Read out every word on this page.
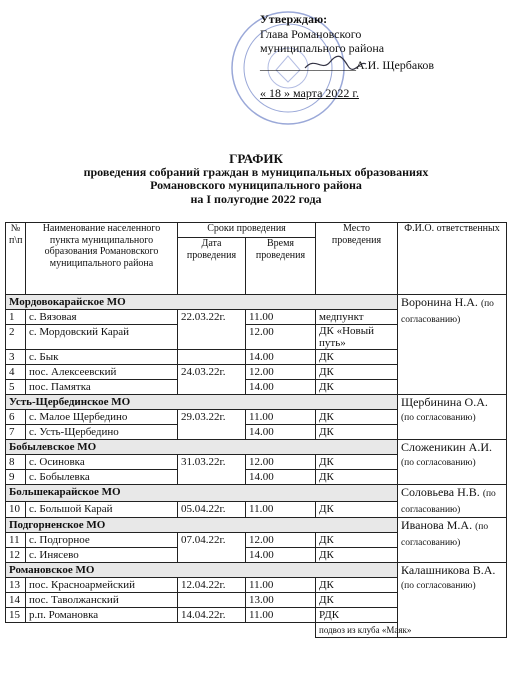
Утверждаю:
Глава Романовского
муниципального района
________________А.И. Щербаков
« 18 » марта 2022 г.
ГРАФИК
проведения собраний граждан в муниципальных образованиях
Романовского муниципального района
на I полугодие 2022 года
№ п\п	Наименование населенного пункта муниципального образования Романовского муниципального района	Сроки проведения		Место проведения	Ф.И.О. ответственных
		Дата проведения	Время проведения		
Мордовокарайское МО					Воронина Н.А. (по согласованию)
1	с. Вязовая	22.03.22г.	11.00	медпункт	
2	с. Мордовский Карай		12.00	ДК «Новый путь»	
3	с. Бык		14.00	ДК	
4	пос. Алексеевский	24.03.22г.	12.00	ДК	
5	пос. Памятка		14.00	ДК	
Усть-Щербединское МО					Щербинина О.А. (по согласованию)
6	с. Малое Щербедино	29.03.22г.	11.00	ДК	
7	с. Усть-Щербедино		14.00	ДК	
Бобылевское МО					Сложеникин А.И. (по согласованию)
8	с. Осиновка	31.03.22г.	12.00	ДК	
9	с. Бобылевка		14.00	ДК	
Большекарайское МО					Соловьева Н.В. (по согласованию)
10	с. Большой Карай	05.04.22г.	11.00	ДК	
Подгорненское МО					Иванова М.А. (по согласованию)
11	с. Подгорное	07.04.22г.	12.00	ДК	
12	с. Инясево		14.00	ДК	
Романовское МО					Калашникова В.А. (по согласованию)
13	пос. Красноармейский	12.04.22г.	11.00	ДК	
14	пос. Таволжанский		13.00	ДК	
15	р.п. Романовка	14.04.22г.	11.00	РДК	
				подвоз из клуба «Маяк»	
